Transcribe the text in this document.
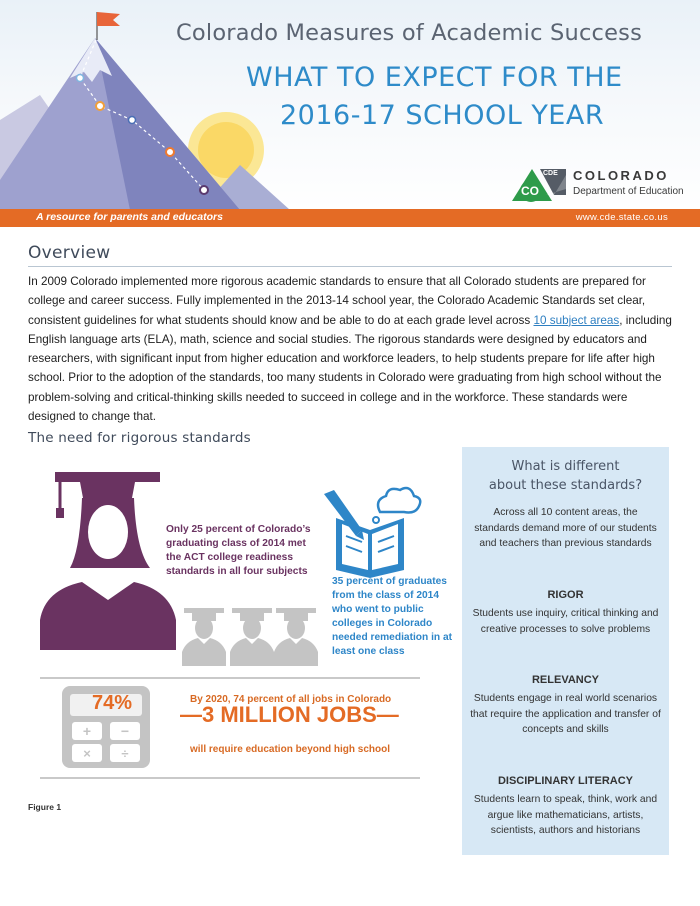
Colorado Measures of Academic Success
WHAT TO EXPECT FOR THE
2016-17 SCHOOL YEAR
CDE
CO
COLORADO
Department of Education
A resource for parents and educators	www.cde.state.co.us
Overview
In 2009 Colorado implemented more rigorous academic standards to ensure that all Colorado students are prepared for college and career success. Fully implemented in the 2013-14 school year, the Colorado Academic Standards set clear, consistent guidelines for what students should know and be able to do at each grade level across 10 subject areas, including English language arts (ELA), math, science and social studies. The rigorous standards were designed by educators and researchers, with significant input from higher education and workforce leaders, to help students prepare for life after high school. Prior to the adoption of the standards, too many students in Colorado were graduating from high school without the problem-solving and critical-thinking skills needed to succeed in college and in the workforce. These standards were designed to change that.
The need for rigorous standards
+ −
× ÷
Only 25 percent of Colorado’s graduating class of 2014 met the ACT college readiness standards in all four subjects
35 percent of graduates from the class of 2014 who went to public colleges in Colorado needed remediation in at least one class
74%	By 2020, 74 percent of all jobs in Colorado
—3 MILLION JOBS—
will require education beyond high school
Figure 1
What is different
about these standards?
Across all 10 content areas, the standards demand more of our students and teachers than previous standards
RIGOR
Students use inquiry, critical thinking and creative processes to solve problems
RELEVANCY
Students engage in real world scenarios that require the application and transfer of concepts and skills
DISCIPLINARY LITERACY
Students learn to speak, think, work and argue like mathematicians, artists, scientists, authors and historians
